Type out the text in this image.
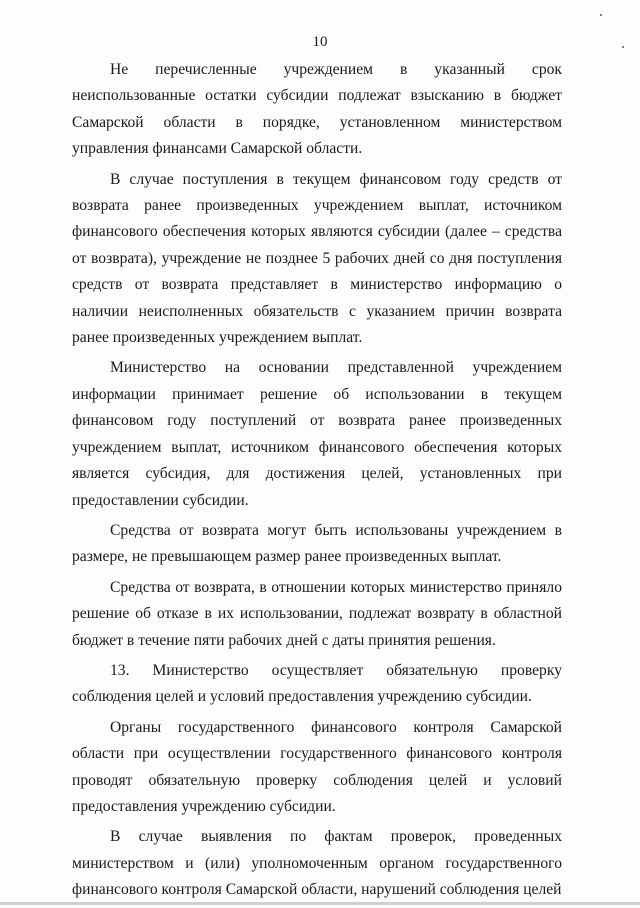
10

Не перечисленные учреждением в указанный срок неиспользованные остатки субсидии подлежат взысканию в бюджет Самарской области в порядке, установленном министерством управления финансами Самарской области.

В случае поступления в текущем финансовом году средств от возврата ранее произведенных учреждением выплат, источником финансового обеспечения которых являются субсидии (далее – средства от возврата), учреждение не позднее 5 рабочих дней со дня поступления средств от возврата представляет в министерство информацию о наличии неисполненных обязательств с указанием причин возврата ранее произведенных учреждением выплат.

Министерство на основании представленной учреждением информации принимает решение об использовании в текущем финансовом году поступлений от возврата ранее произведенных учреждением выплат, источником финансового обеспечения которых является субсидия, для достижения целей, установленных при предоставлении субсидии.

Средства от возврата могут быть использованы учреждением в размере, не превышающем размер ранее произведенных выплат.

Средства от возврата, в отношении которых министерство приняло решение об отказе в их использовании, подлежат возврату в областной бюджет в течение пяти рабочих дней с даты принятия решения.

13. Министерство осуществляет обязательную проверку соблюдения целей и условий предоставления учреждению субсидии.

Органы государственного финансового контроля Самарской области при осуществлении государственного финансового контроля проводят обязательную проверку соблюдения целей и условий предоставления учреждению субсидии.

В случае выявления по фактам проверок, проведенных министерством и (или) уполномоченным органом государственного финансового контроля Самарской области, нарушений соблюдения целей
